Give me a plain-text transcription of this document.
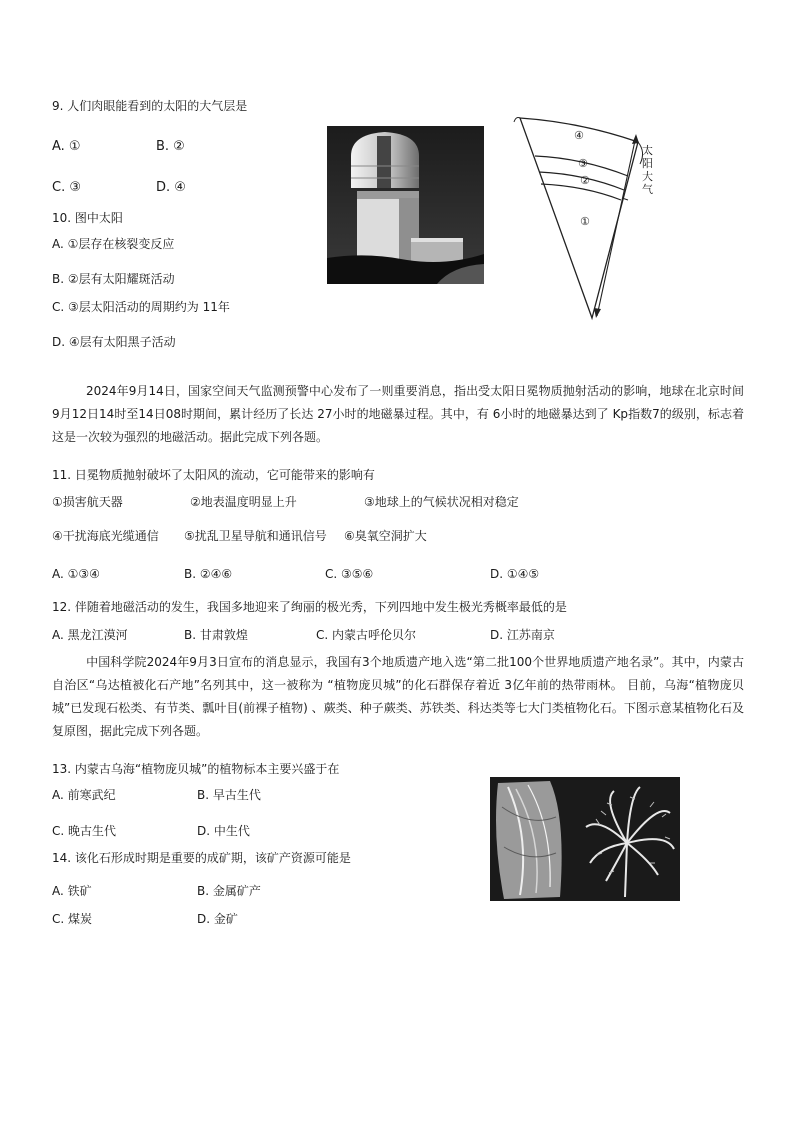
9. 人们肉眼能看到的太阳的大气层是
A. ①	B. ②
C. ③	D. ④
10. 图中太阳
A. ①层存在核裂变反应
B. ②层有太阳耀斑活动
C. ③层太阳活动的周期约为 11年
D. ④层有太阳黑子活动
④
③
②
①
太
阳
大
气
2024年9月14日，国家空间天气监测预警中心发布了一则重要消息，指出受太阳日冕物质抛射活动的影响，地球在北京时间 9月12日14时至14日08时期间，累计经历了长达 27小时的地磁暴过程。其中，有 6小时的地磁暴达到了 Kp指数7的级别，标志着这是一次较为强烈的地磁活动。据此完成下列各题。
11. 日冕物质抛射破坏了太阳风的流动，它可能带来的影响有
①损害航天器	②地表温度明显上升	③地球上的气候状况相对稳定
④干扰海底光缆通信 ⑤扰乱卫星导航和通讯信号 ⑥臭氧空洞扩大
A. ①③④	B. ②④⑥	C. ③⑤⑥	D. ①④⑤
12. 伴随着地磁活动的发生，我国多地迎来了绚丽的极光秀，下列四地中发生极光秀概率最低的是
A. 黑龙江漠河	B. 甘肃敦煌	C. 内蒙古呼伦贝尔	D. 江苏南京
中国科学院2024年9月3日宣布的消息显示，我国有3个地质遗产地入选“第二批100个世界地质遗产地名录”。其中，内蒙古自治区“乌达植被化石产地”名列其中，这一被称为 “植物庞贝城”的化石群保存着近 3亿年前的热带雨林。 目前，乌海“植物庞贝城”已发现石松类、有节类、瓢叶目(前裸子植物) 、蕨类、种子蕨类、苏铁类、科达类等七大门类植物化石。下图示意某植物化石及复原图，据此完成下列各题。
13. 内蒙古乌海“植物庞贝城”的植物标本主要兴盛于在
A. 前寒武纪	B. 早古生代
C. 晚古生代	D. 中生代
14. 该化石形成时期是重要的成矿期，该矿产资源可能是
A. 铁矿	B. 金属矿产
C. 煤炭	D. 金矿
